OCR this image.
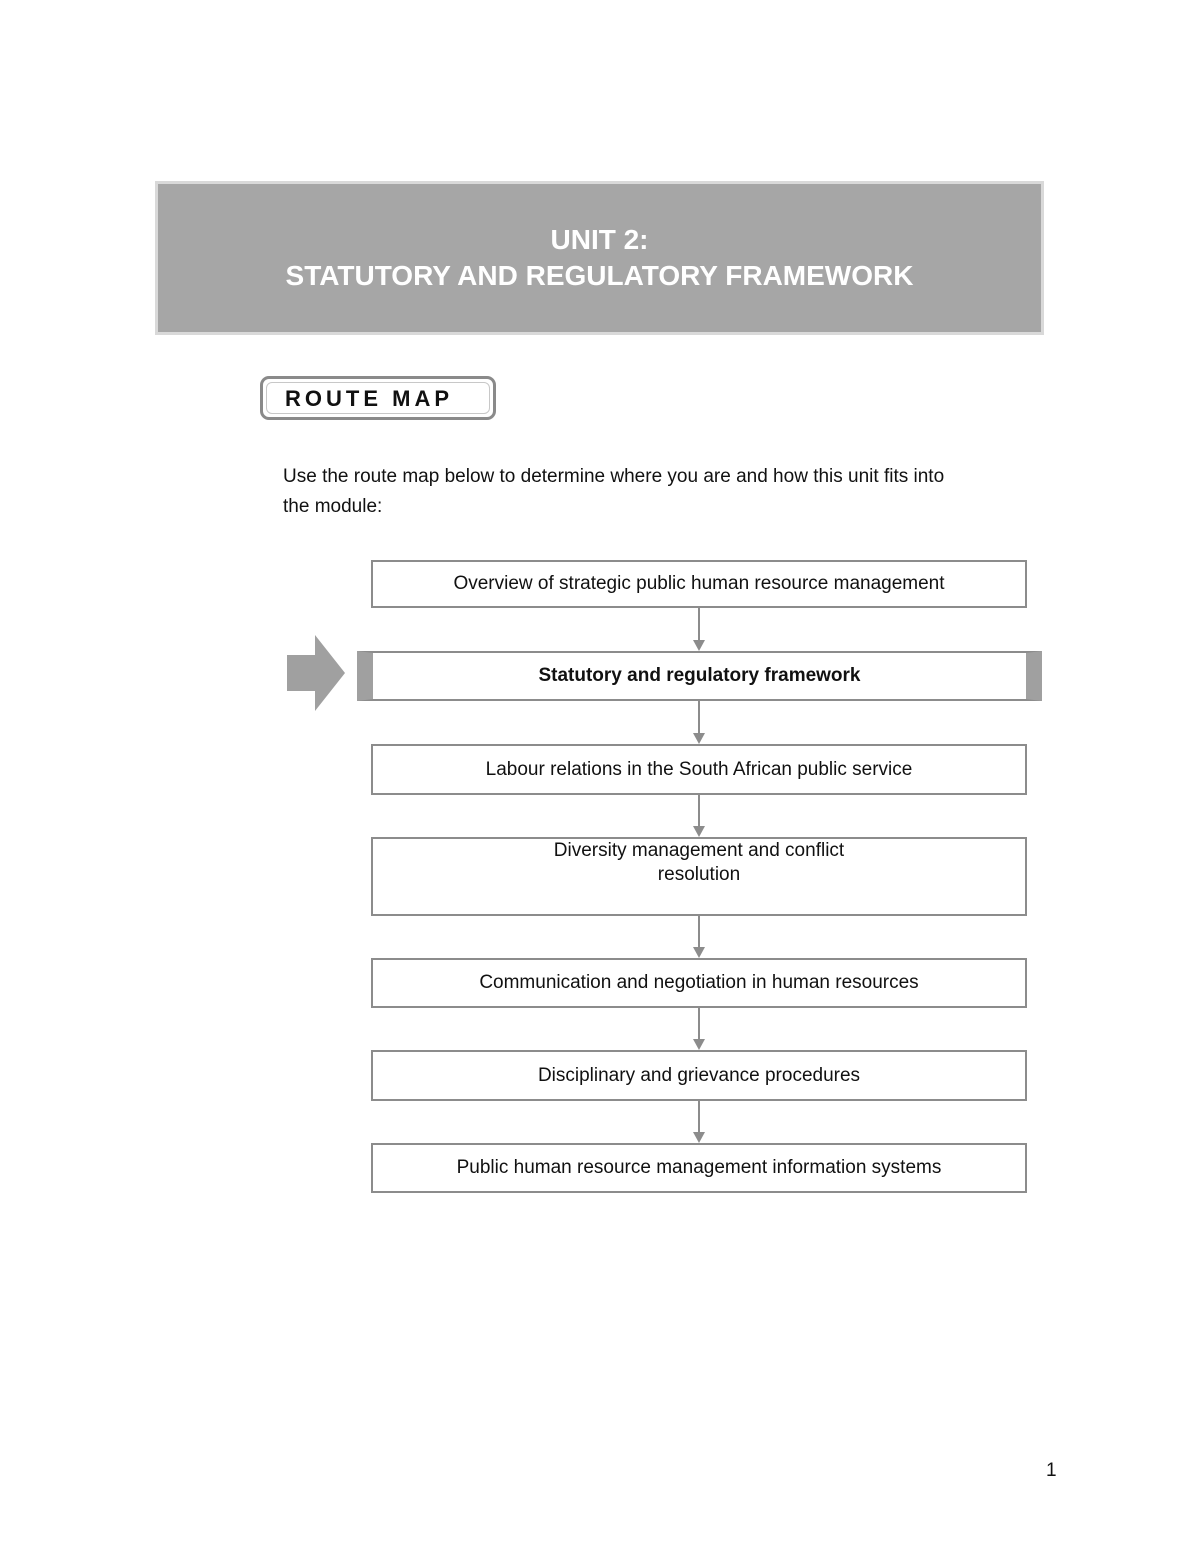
UNIT 2:
STATUTORY AND REGULATORY FRAMEWORK
ROUTE MAP
Use the route map below to determine where you are and how this unit fits into
the module:
Overview of strategic public human resource management
Statutory and regulatory framework
Labour relations in the South African public service
Diversity management and conflict
resolution
Communication and negotiation in human resources
Disciplinary and grievance procedures
Public human resource management information systems
1
